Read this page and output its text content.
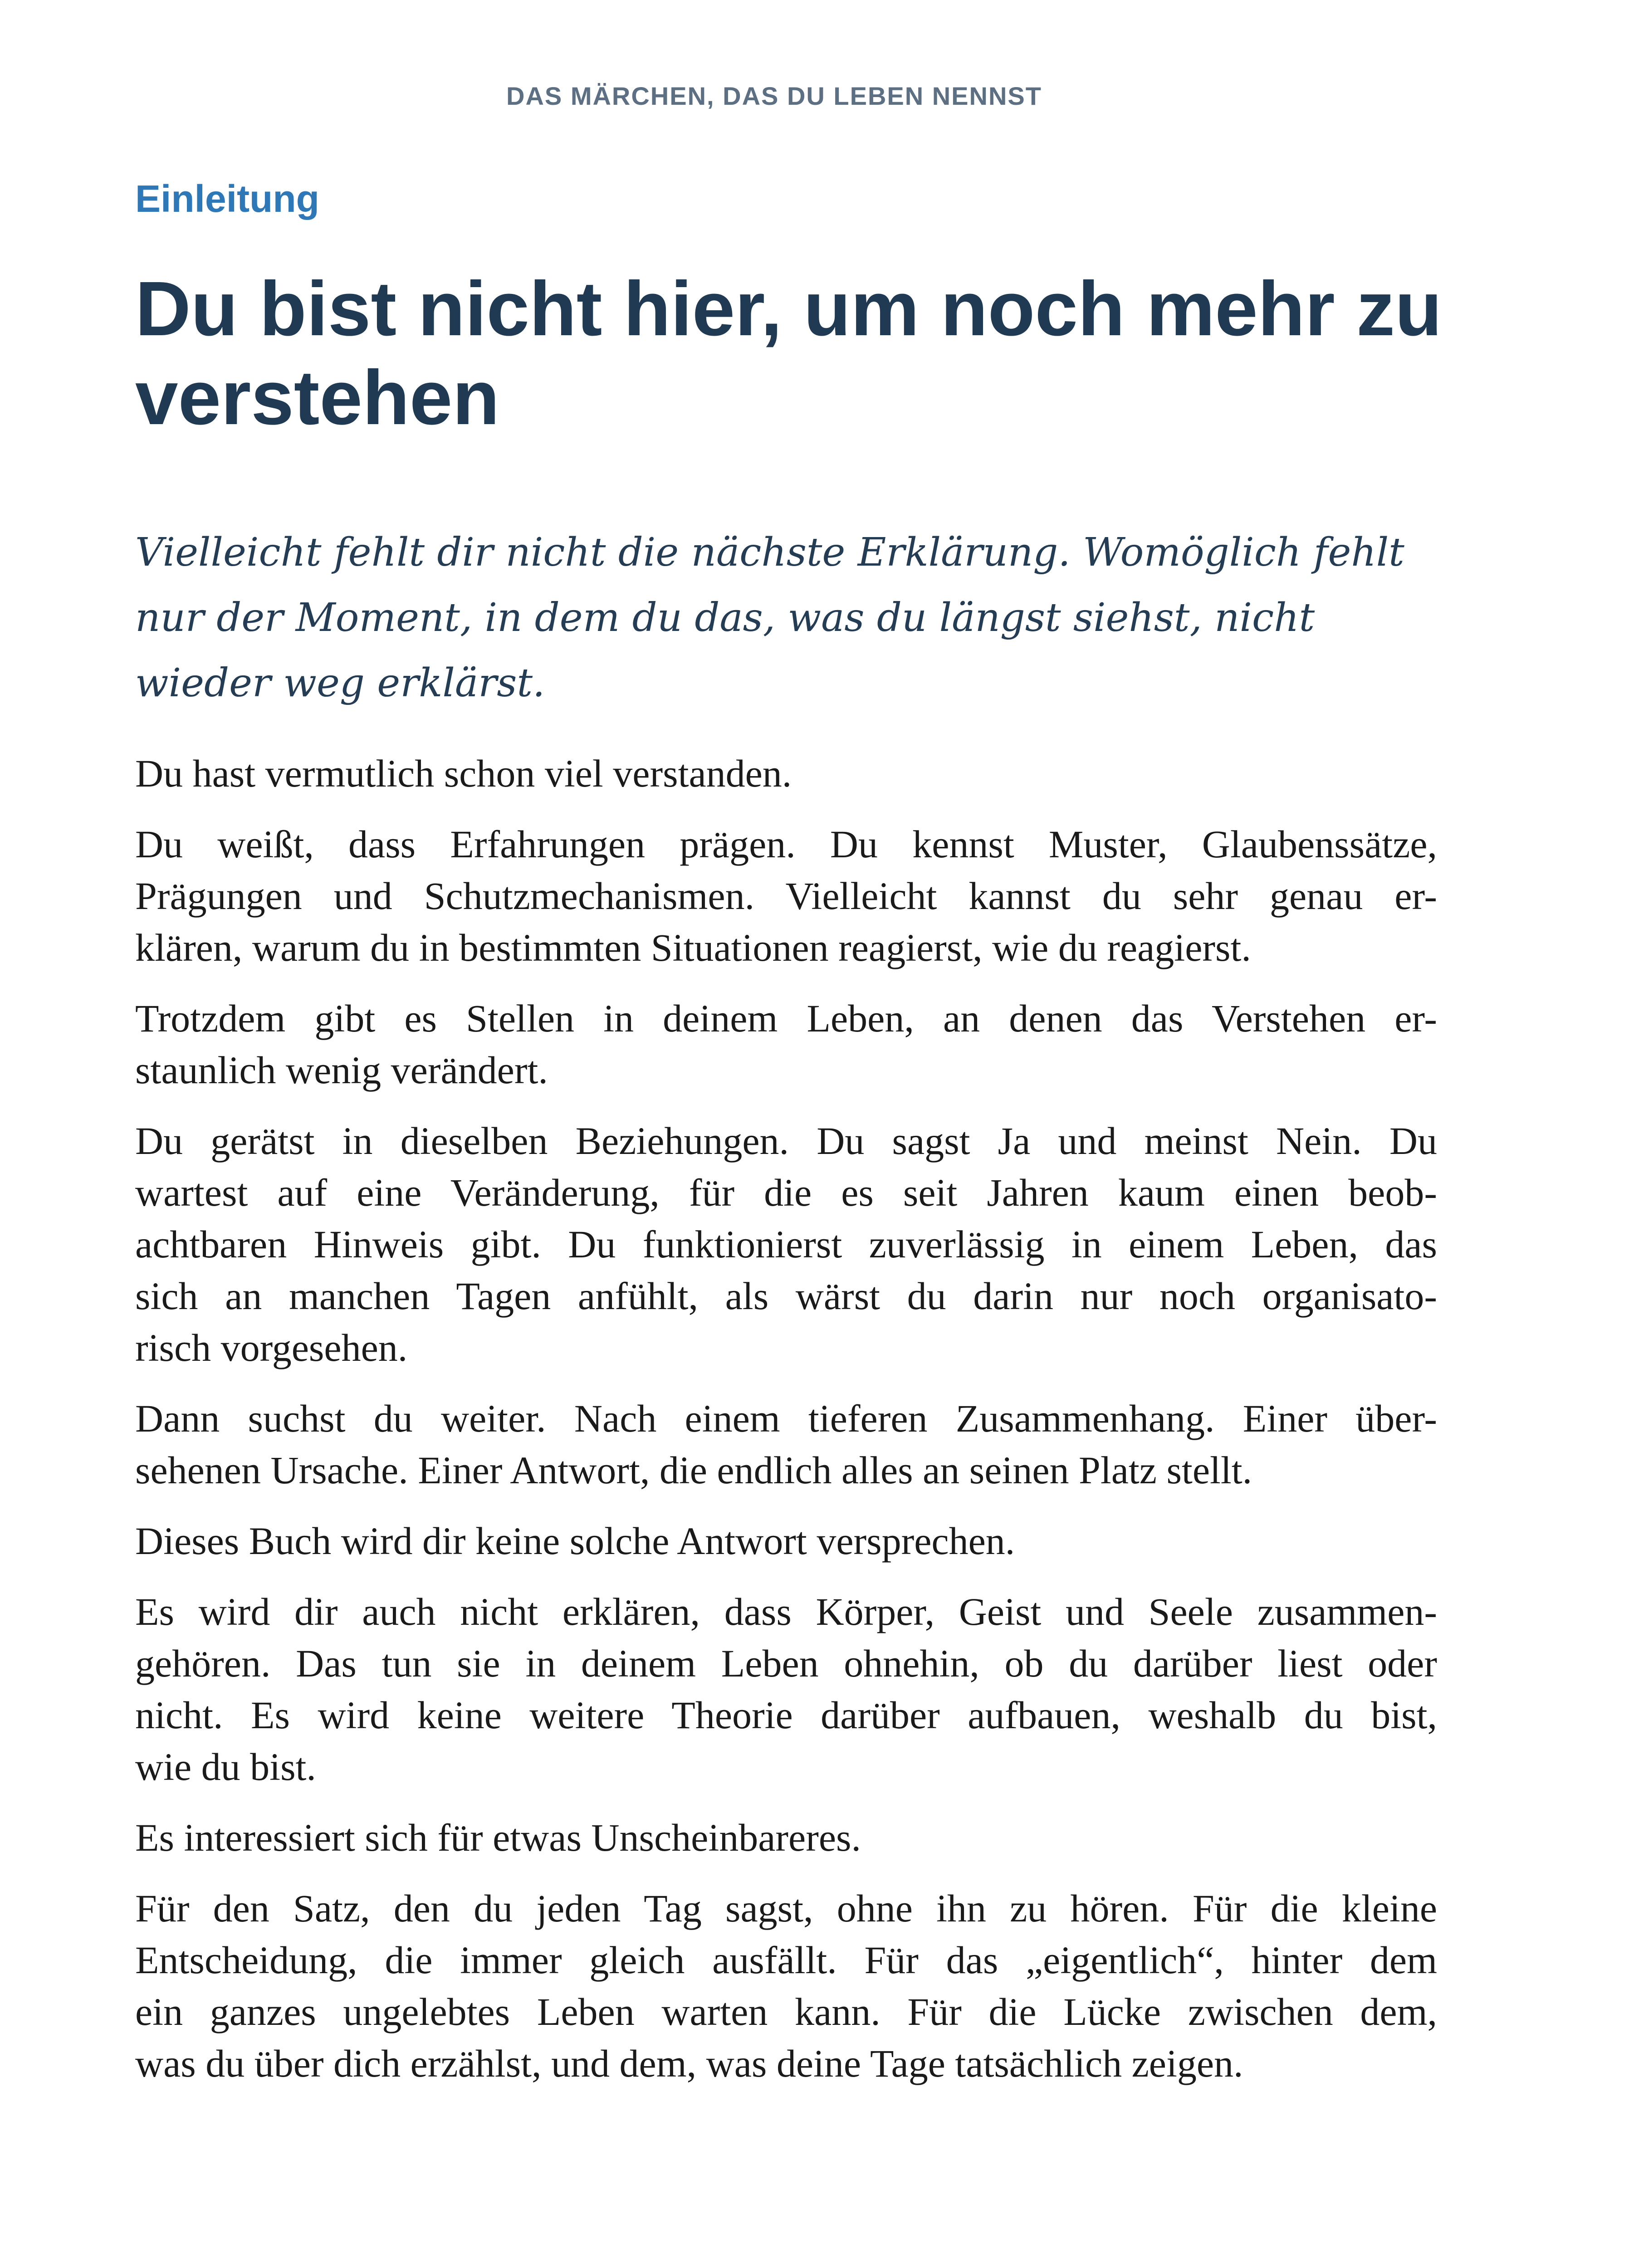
DAS MÄRCHEN, DAS DU LEBEN NENNST
Einleitung
Du bist nicht hier, um noch mehr zu verstehen

Vielleicht fehlt dir nicht die nächste Erklärung. Womöglich fehlt
nur der Moment, in dem du das, was du längst siehst, nicht
wieder weg erklärst.

Du hast vermutlich schon viel verstanden.

Du weißt, dass Erfahrungen prägen. Du kennst Muster, Glaubenssätze,
Prägungen und Schutzmechanismen. Vielleicht kannst du sehr genau er-
klären, warum du in bestimmten Situationen reagierst, wie du reagierst.

Trotzdem gibt es Stellen in deinem Leben, an denen das Verstehen er-
staunlich wenig verändert.

Du gerätst in dieselben Beziehungen. Du sagst Ja und meinst Nein. Du
wartest auf eine Veränderung, für die es seit Jahren kaum einen beob-
achtbaren Hinweis gibt. Du funktionierst zuverlässig in einem Leben, das
sich an manchen Tagen anfühlt, als wärst du darin nur noch organisato-
risch vorgesehen.

Dann suchst du weiter. Nach einem tieferen Zusammenhang. Einer über-
sehenen Ursache. Einer Antwort, die endlich alles an seinen Platz stellt.

Dieses Buch wird dir keine solche Antwort versprechen.

Es wird dir auch nicht erklären, dass Körper, Geist und Seele zusammen-
gehören. Das tun sie in deinem Leben ohnehin, ob du darüber liest oder
nicht. Es wird keine weitere Theorie darüber aufbauen, weshalb du bist,
wie du bist.

Es interessiert sich für etwas Unscheinbareres.

Für den Satz, den du jeden Tag sagst, ohne ihn zu hören. Für die kleine
Entscheidung, die immer gleich ausfällt. Für das „eigentlich“, hinter dem
ein ganzes ungelebtes Leben warten kann. Für die Lücke zwischen dem,
was du über dich erzählst, und dem, was deine Tage tatsächlich zeigen.
